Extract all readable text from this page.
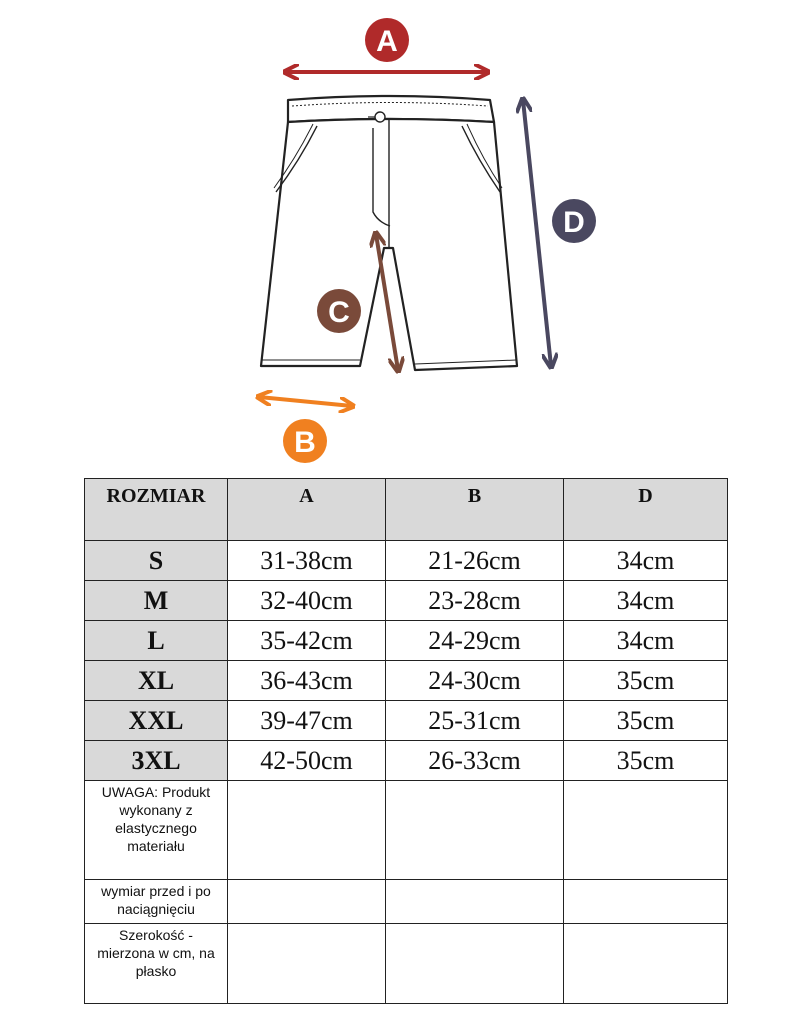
A
B
C
D
ROZMIAR	A	B	D
S	31-38cm	21-26cm	34cm
M	32-40cm	23-28cm	34cm
L	35-42cm	24-29cm	34cm
XL	36-43cm	24-30cm	35cm
XXL	39-47cm	25-31cm	35cm
3XL	42-50cm	26-33cm	35cm
UWAGA: Produkt wykonany z elastycznego materiału			
wymiar przed i po naciągnięciu			
Szerokość - mierzona w cm, na płasko			
